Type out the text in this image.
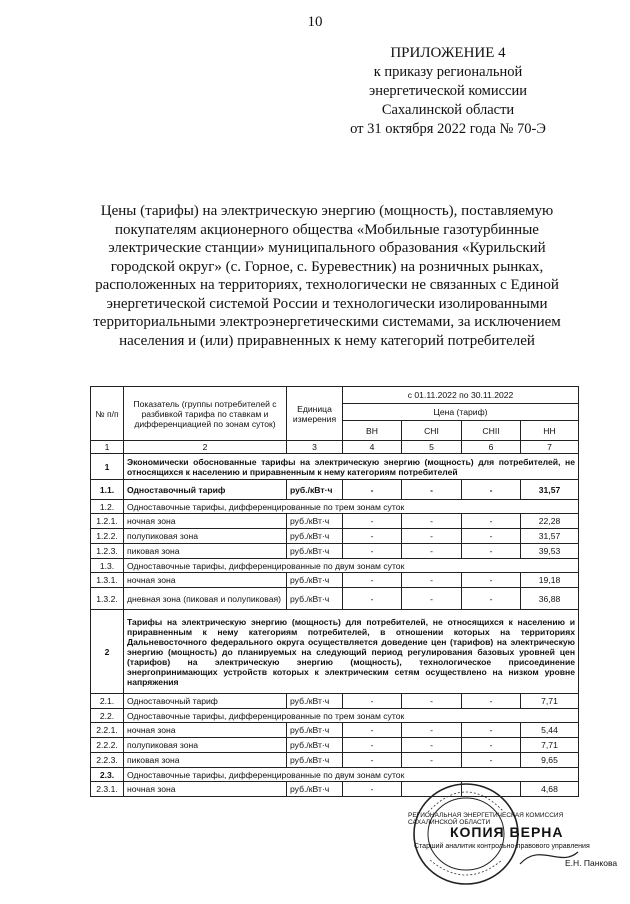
10
ПРИЛОЖЕНИЕ 4
к приказу региональной
энергетической комиссии
Сахалинской области
от 31 октября 2022 года № 70-Э
Цены (тарифы) на электрическую энергию (мощность), поставляемую покупателям акционерного общества «Мобильные газотурбинные электрические станции» муниципального образования «Курильский городской округ» (с. Горное, с. Буревестник) на розничных рынках, расположенных на территориях, технологически не связанных с Единой энергетической системой России и технологически изолированными территориальными электроэнергетическими системами, за исключением населения и (или) приравненных к нему категорий потребителей
№ п/п	Показатель (группы потребителей с разбивкой тарифа по ставкам и дифференциацией по зонам суток)	Единица измерения	с 01.11.2022 по 30.11.2022			
			Цена (тариф)			
			ВН	СНI	СНII	НН
1	2	3	4	5	6	7
1	Экономически обоснованные тарифы на электрическую энергию (мощность) для потребителей, не относящихся к населению и приравненным к нему категориям потребителей					
1.1.	Одноставочный тариф	руб./кВт·ч	-	-	-	31,57
1.2.	Одноставочные тарифы, дифференцированные по трем зонам суток					
1.2.1.	ночная зона	руб./кВт·ч	-	-	-	22,28
1.2.2.	полупиковая зона	руб./кВт·ч	-	-	-	31,57
1.2.3.	пиковая зона	руб./кВт·ч	-	-	-	39,53
1.3.	Одноставочные тарифы, дифференцированные по двум зонам суток					
1.3.1.	ночная зона	руб./кВт·ч	-	-	-	19,18
1.3.2.	дневная зона (пиковая и полупиковая)	руб./кВт·ч	-	-	-	36,88
2	Тарифы на электрическую энергию (мощность) для потребителей, не относящихся к населению и приравненным к нему категориям потребителей, в отношении которых на территориях Дальневосточного федерального округа осуществляется доведение цен (тарифов) на электрическую энергию (мощность) до планируемых на следующий период регулирования базовых уровней цен (тарифов) на электрическую энергию (мощность), технологическое присоединение энергопринимающих устройств которых к электрическим сетям осуществлено на низком уровне напряжения					
2.1.	Одноставочный тариф	руб./кВт·ч	-	-	-	7,71
2.2.	Одноставочные тарифы, дифференцированные по трем зонам суток					
2.2.1.	ночная зона	руб./кВт·ч	-	-	-	5,44
2.2.2.	полупиковая зона	руб./кВт·ч	-	-	-	7,71
2.2.3.	пиковая зона	руб./кВт·ч	-	-	-	9,65
2.3.	Одноставочные тарифы, дифференцированные по двум зонам суток					
2.3.1.	ночная зона	руб./кВт·ч	-			4,68
РЕГИОНАЛЬНАЯ ЭНЕРГЕТИЧЕСКАЯ КОМИССИЯ САХАЛИНСКОЙ ОБЛАСТИ
КОПИЯ ВЕРНА
Старший аналитик контрольно-правового управления
Е.Н. Панкова
